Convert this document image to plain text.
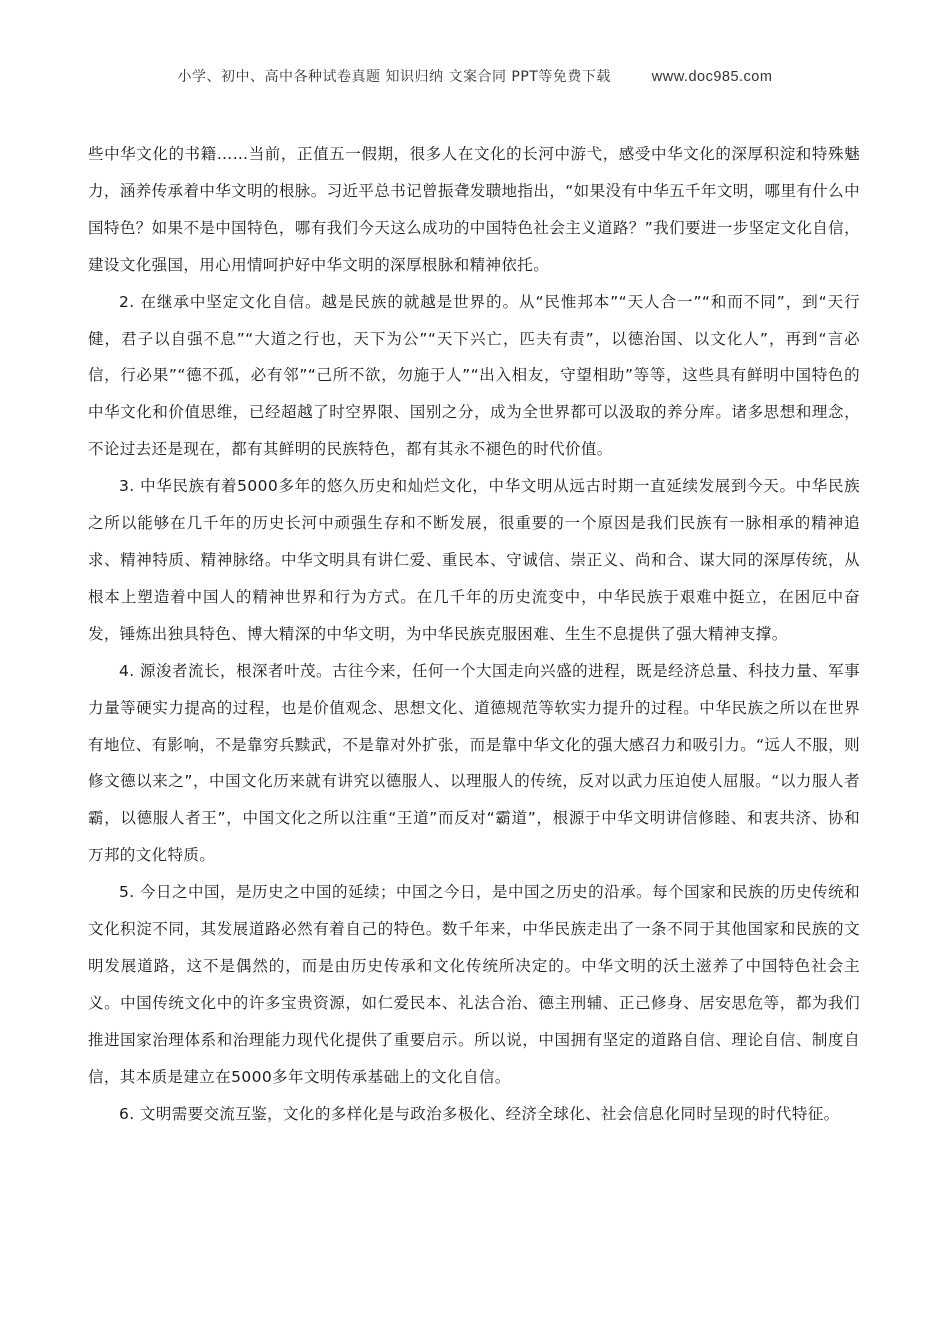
小学、初中、高中各种试卷真题 知识归纳 文案合同 PPT等免费下载	www.doc985.com

些中华文化的书籍……当前，正值五一假期，很多人在文化的长河中游弋，感受中华文化的深厚积淀和特殊魅力，涵养传承着中华文明的根脉。习近平总书记曾振聋发聩地指出，“如果没有中华五千年文明，哪里有什么中国特色？如果不是中国特色，哪有我们今天这么成功的中国特色社会主义道路？”我们要进一步坚定文化自信，建设文化强国，用心用情呵护好中华文明的深厚根脉和精神依托。

2. 在继承中坚定文化自信。越是民族的就越是世界的。从“民惟邦本”“天人合一”“和而不同”，到“天行健，君子以自强不息”“大道之行也，天下为公”“天下兴亡，匹夫有责”，以德治国、以文化人”，再到“言必信，行必果”“德不孤，必有邻”“己所不欲，勿施于人”“出入相友，守望相助”等等，这些具有鲜明中国特色的中华文化和价值思维，已经超越了时空界限、国别之分，成为全世界都可以汲取的养分库。诸多思想和理念，不论过去还是现在，都有其鲜明的民族特色，都有其永不褪色的时代价值。

3. 中华民族有着5000多年的悠久历史和灿烂文化，中华文明从远古时期一直延续发展到今天。中华民族之所以能够在几千年的历史长河中顽强生存和不断发展，很重要的一个原因是我们民族有一脉相承的精神追求、精神特质、精神脉络。中华文明具有讲仁爱、重民本、守诚信、崇正义、尚和合、谋大同的深厚传统，从根本上塑造着中国人的精神世界和行为方式。在几千年的历史流变中，中华民族于艰难中挺立，在困厄中奋发，锤炼出独具特色、博大精深的中华文明，为中华民族克服困难、生生不息提供了强大精神支撑。

4. 源浚者流长，根深者叶茂。古往今来，任何一个大国走向兴盛的进程，既是经济总量、科技力量、军事力量等硬实力提高的过程，也是价值观念、思想文化、道德规范等软实力提升的过程。中华民族之所以在世界有地位、有影响，不是靠穷兵黩武，不是靠对外扩张，而是靠中华文化的强大感召力和吸引力。“远人不服，则修文德以来之”，中国文化历来就有讲究以德服人、以理服人的传统，反对以武力压迫使人屈服。“以力服人者霸，以德服人者王”，中国文化之所以注重“王道”而反对“霸道”，根源于中华文明讲信修睦、和衷共济、协和万邦的文化特质。

5. 今日之中国，是历史之中国的延续；中国之今日，是中国之历史的沿承。每个国家和民族的历史传统和文化积淀不同，其发展道路必然有着自己的特色。数千年来，中华民族走出了一条不同于其他国家和民族的文明发展道路，这不是偶然的，而是由历史传承和文化传统所决定的。中华文明的沃土滋养了中国特色社会主义。中国传统文化中的许多宝贵资源，如仁爱民本、礼法合治、德主刑辅、正己修身、居安思危等，都为我们推进国家治理体系和治理能力现代化提供了重要启示。所以说，中国拥有坚定的道路自信、理论自信、制度自信，其本质是建立在5000多年文明传承基础上的文化自信。

6. 文明需要交流互鉴，文化的多样化是与政治多极化、经济全球化、社会信息化同时呈现的时代特征。
